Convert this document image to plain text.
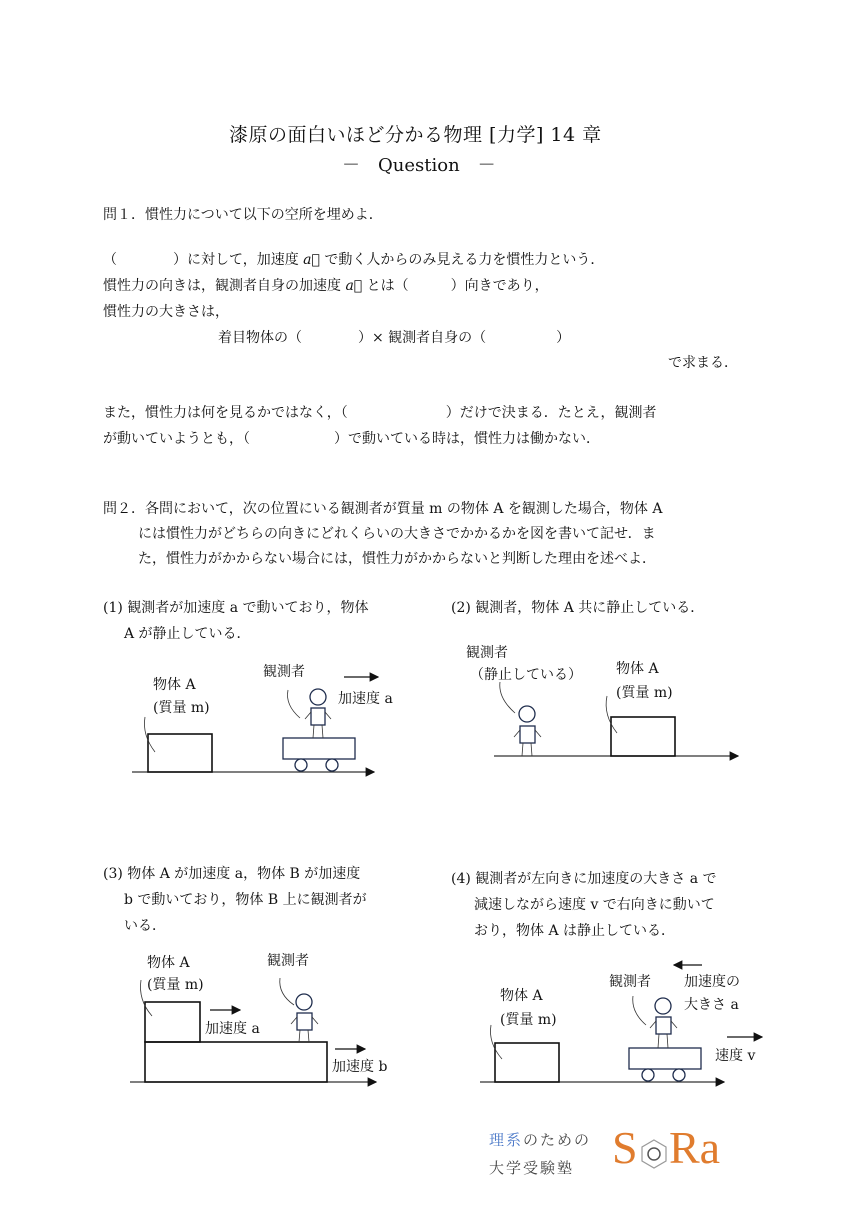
漆原の面白いほど分かる物理 [力学] 14 章
－　Question　－
問１．慣性力について以下の空所を埋めよ．
（　　　　）に対して，加速度 a⃗ で動く人からのみ見える力を慣性力という．
慣性力の向きは，観測者自身の加速度 a⃗ とは（　　　）向きであり，
慣性力の大きさは，
着目物体の（　　　　）× 観測者自身の（　　　　　）
で求まる．
また，慣性力は何を見るかではなく，（　　　　　　　）だけで決まる．たとえ，観測者
が動いていようとも，（　　　　　　）で動いている時は，慣性力は働かない．
問２．各問において，次の位置にいる観測者が質量 m の物体 A を観測した場合，物体 A
には慣性力がどちらの向きにどれくらいの大きさでかかるかを図を書いて記せ．ま
た，慣性力がかからない場合には，慣性力がかからないと判断した理由を述べよ．
(1) 観測者が加速度 a で動いており，物体
A が静止している．
(2) 観測者，物体 A 共に静止している．
(3) 物体 A が加速度 a，物体 B が加速度
b で動いており，物体 B 上に観測者が
いる．
(4) 観測者が左向きに加速度の大きさ a で
減速しながら速度 v で右向きに動いて
おり，物体 A は静止している．
物体 A
(質量 m)
観測者
加速度 a
観測者
（静止している） 物体 A
(質量 m)
物体 A
(質量 m)
観測者
加速度 a
加速度 b
物体 A
(質量 m)
観測者 加速度の
大きさ a
速度 v
理系のための
大学受験塾 S Ra
